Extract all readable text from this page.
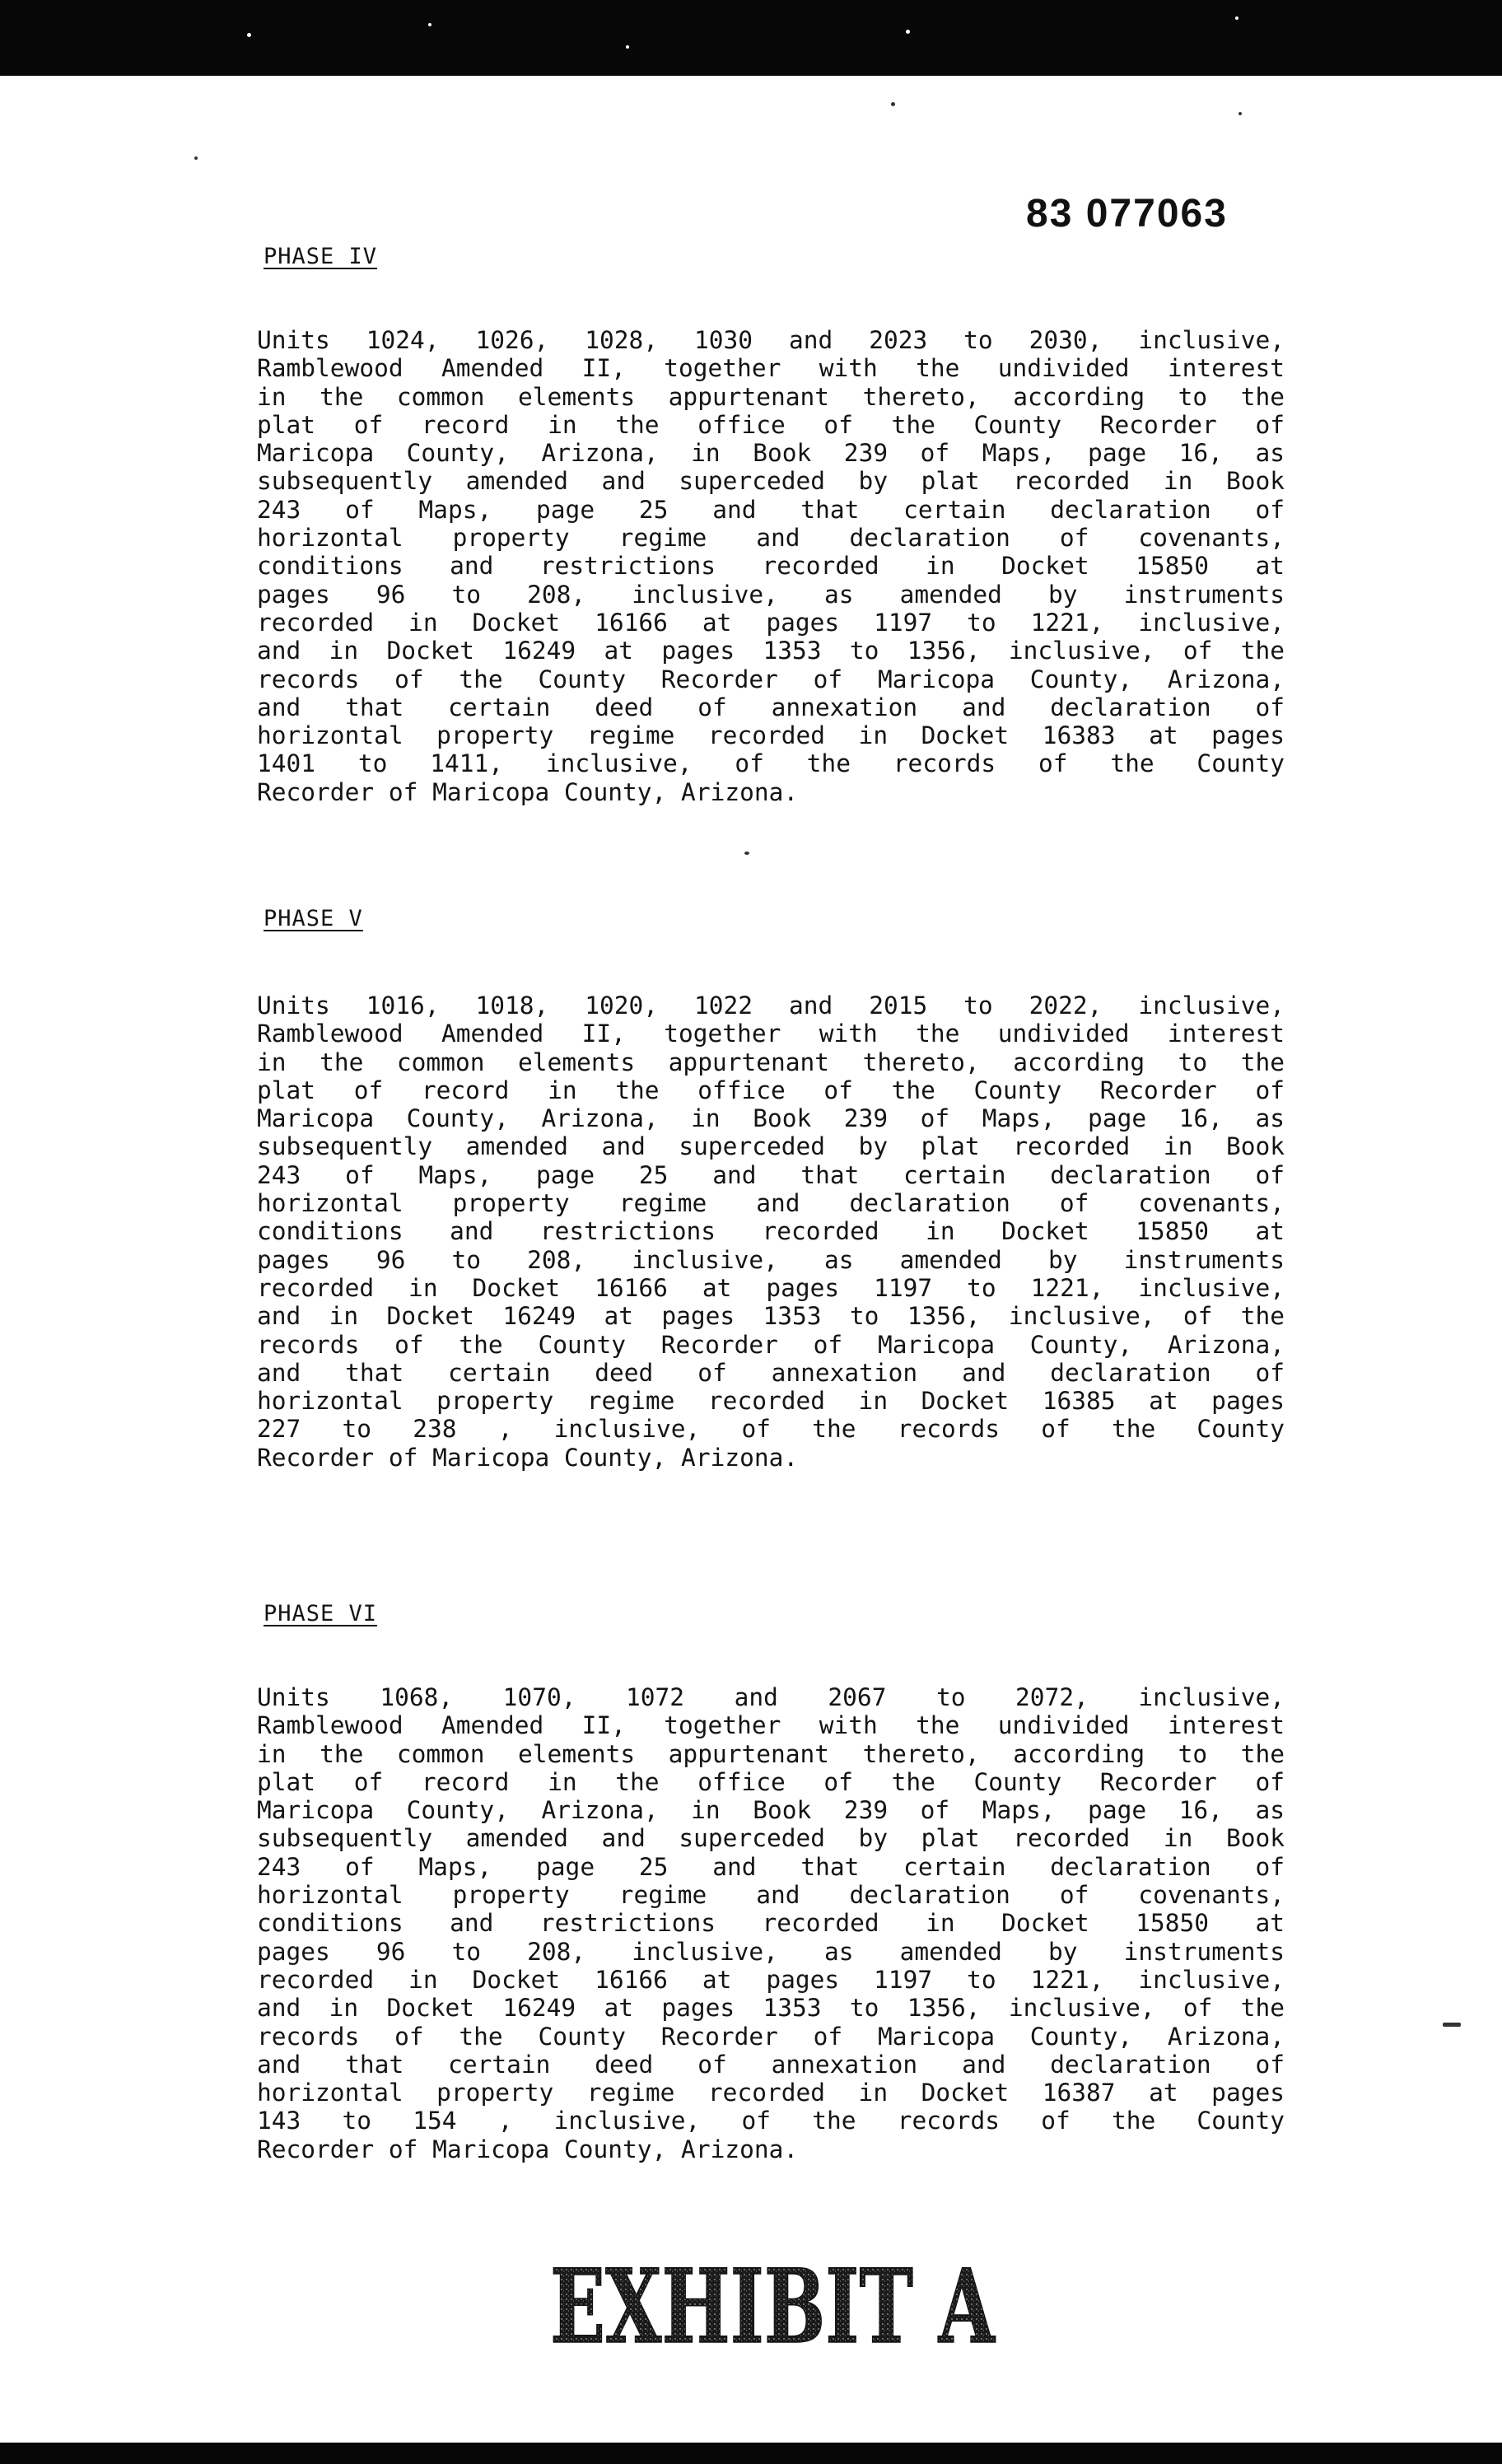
83 077063
PHASE IV
Units 1024, 1026, 1028, 1030 and 2023 to 2030, inclusive,
Ramblewood Amended II, together with the undivided interest
in the common elements appurtenant thereto, according to the
plat of record in the office of the County Recorder of
Maricopa County, Arizona, in Book 239 of Maps, page 16, as
subsequently amended and superceded by plat recorded in Book
243 of Maps, page 25 and that certain declaration of
horizontal property regime and declaration of covenants,
conditions and restrictions recorded in Docket 15850 at
pages 96 to 208, inclusive, as amended by instruments
recorded in Docket 16166 at pages 1197 to 1221, inclusive,
and in Docket 16249 at pages 1353 to 1356, inclusive, of the
records of the County Recorder of Maricopa County, Arizona,
and that certain deed of annexation and declaration of
horizontal property regime recorded in Docket 16383 at pages
1401 to 1411, inclusive, of the records of the County
Recorder of Maricopa County, Arizona.
PHASE V
Units 1016, 1018, 1020, 1022 and 2015 to 2022, inclusive,
Ramblewood Amended II, together with the undivided interest
in the common elements appurtenant thereto, according to the
plat of record in the office of the County Recorder of
Maricopa County, Arizona, in Book 239 of Maps, page 16, as
subsequently amended and superceded by plat recorded in Book
243 of Maps, page 25 and that certain declaration of
horizontal property regime and declaration of covenants,
conditions and restrictions recorded in Docket 15850 at
pages 96 to 208, inclusive, as amended by instruments
recorded in Docket 16166 at pages 1197 to 1221, inclusive,
and in Docket 16249 at pages 1353 to 1356, inclusive, of the
records of the County Recorder of Maricopa County, Arizona,
and that certain deed of annexation and declaration of
horizontal property regime recorded in Docket 16385 at pages
227 to 238 , inclusive, of the records of the County
Recorder of Maricopa County, Arizona.
PHASE VI
Units 1068, 1070, 1072 and 2067 to 2072, inclusive,
Ramblewood Amended II, together with the undivided interest
in the common elements appurtenant thereto, according to the
plat of record in the office of the County Recorder of
Maricopa County, Arizona, in Book 239 of Maps, page 16, as
subsequently amended and superceded by plat recorded in Book
243 of Maps, page 25 and that certain declaration of
horizontal property regime and declaration of covenants,
conditions and restrictions recorded in Docket 15850 at
pages 96 to 208, inclusive, as amended by instruments
recorded in Docket 16166 at pages 1197 to 1221, inclusive,
and in Docket 16249 at pages 1353 to 1356, inclusive, of the
records of the County Recorder of Maricopa County, Arizona,
and that certain deed of annexation and declaration of
horizontal property regime recorded in Docket 16387 at pages
143 to 154 , inclusive, of the records of the County
Recorder of Maricopa County, Arizona.
EXHIBIT A
